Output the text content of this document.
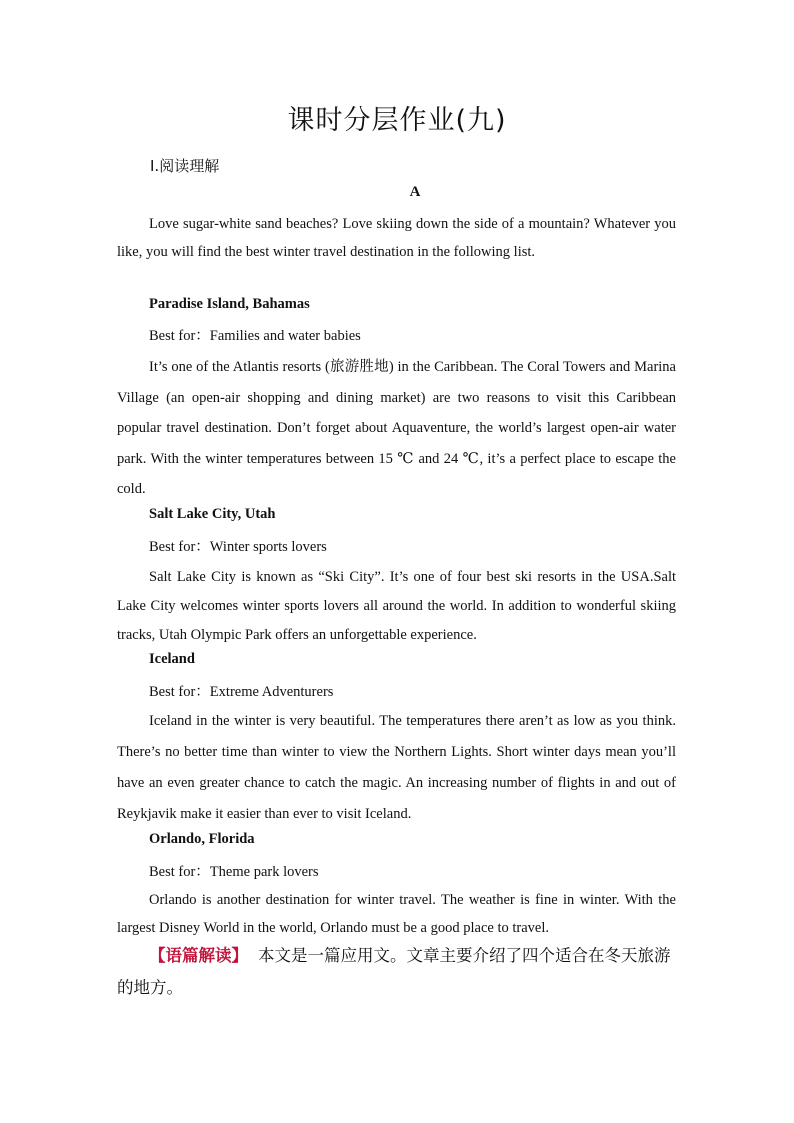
课时分层作业(九)
Ⅰ.阅读理解
A
Love sugar-white sand beaches? Love skiing down the side of a mountain? Whatever you like, you will find the best winter travel destination in the following list.
Paradise Island, Bahamas
Best for：Families and water babies
It’s one of the Atlantis resorts (旅游胜地) in the Caribbean. The Coral Towers and Marina Village (an open-air shopping and dining market) are two reasons to visit this Caribbean popular travel destination. Don’t forget about Aquaventure, the world’s largest open-air water park. With the winter temperatures between 15 ℃ and 24 ℃, it’s a perfect place to escape the cold.
Salt Lake City, Utah
Best for：Winter sports lovers
Salt Lake City is known as “Ski City”. It’s one of four best ski resorts in the USA.Salt Lake City welcomes winter sports lovers all around the world. In addition to wonderful skiing tracks, Utah Olympic Park offers an unforgettable experience.
Iceland
Best for：Extreme Adventurers
Iceland in the winter is very beautiful. The temperatures there aren’t as low as you think. There’s no better time than winter to view the Northern Lights. Short winter days mean you’ll have an even greater chance to catch the magic. An increasing number of flights in and out of Reykjavik make it easier than ever to visit Iceland.
Orlando, Florida
Best for：Theme park lovers
Orlando is another destination for winter travel. The weather is fine in winter. With the largest Disney World in the world, Orlando must be a good place to travel.
【语篇解读】 本文是一篇应用文。文章主要介绍了四个适合在冬天旅游的地方。
